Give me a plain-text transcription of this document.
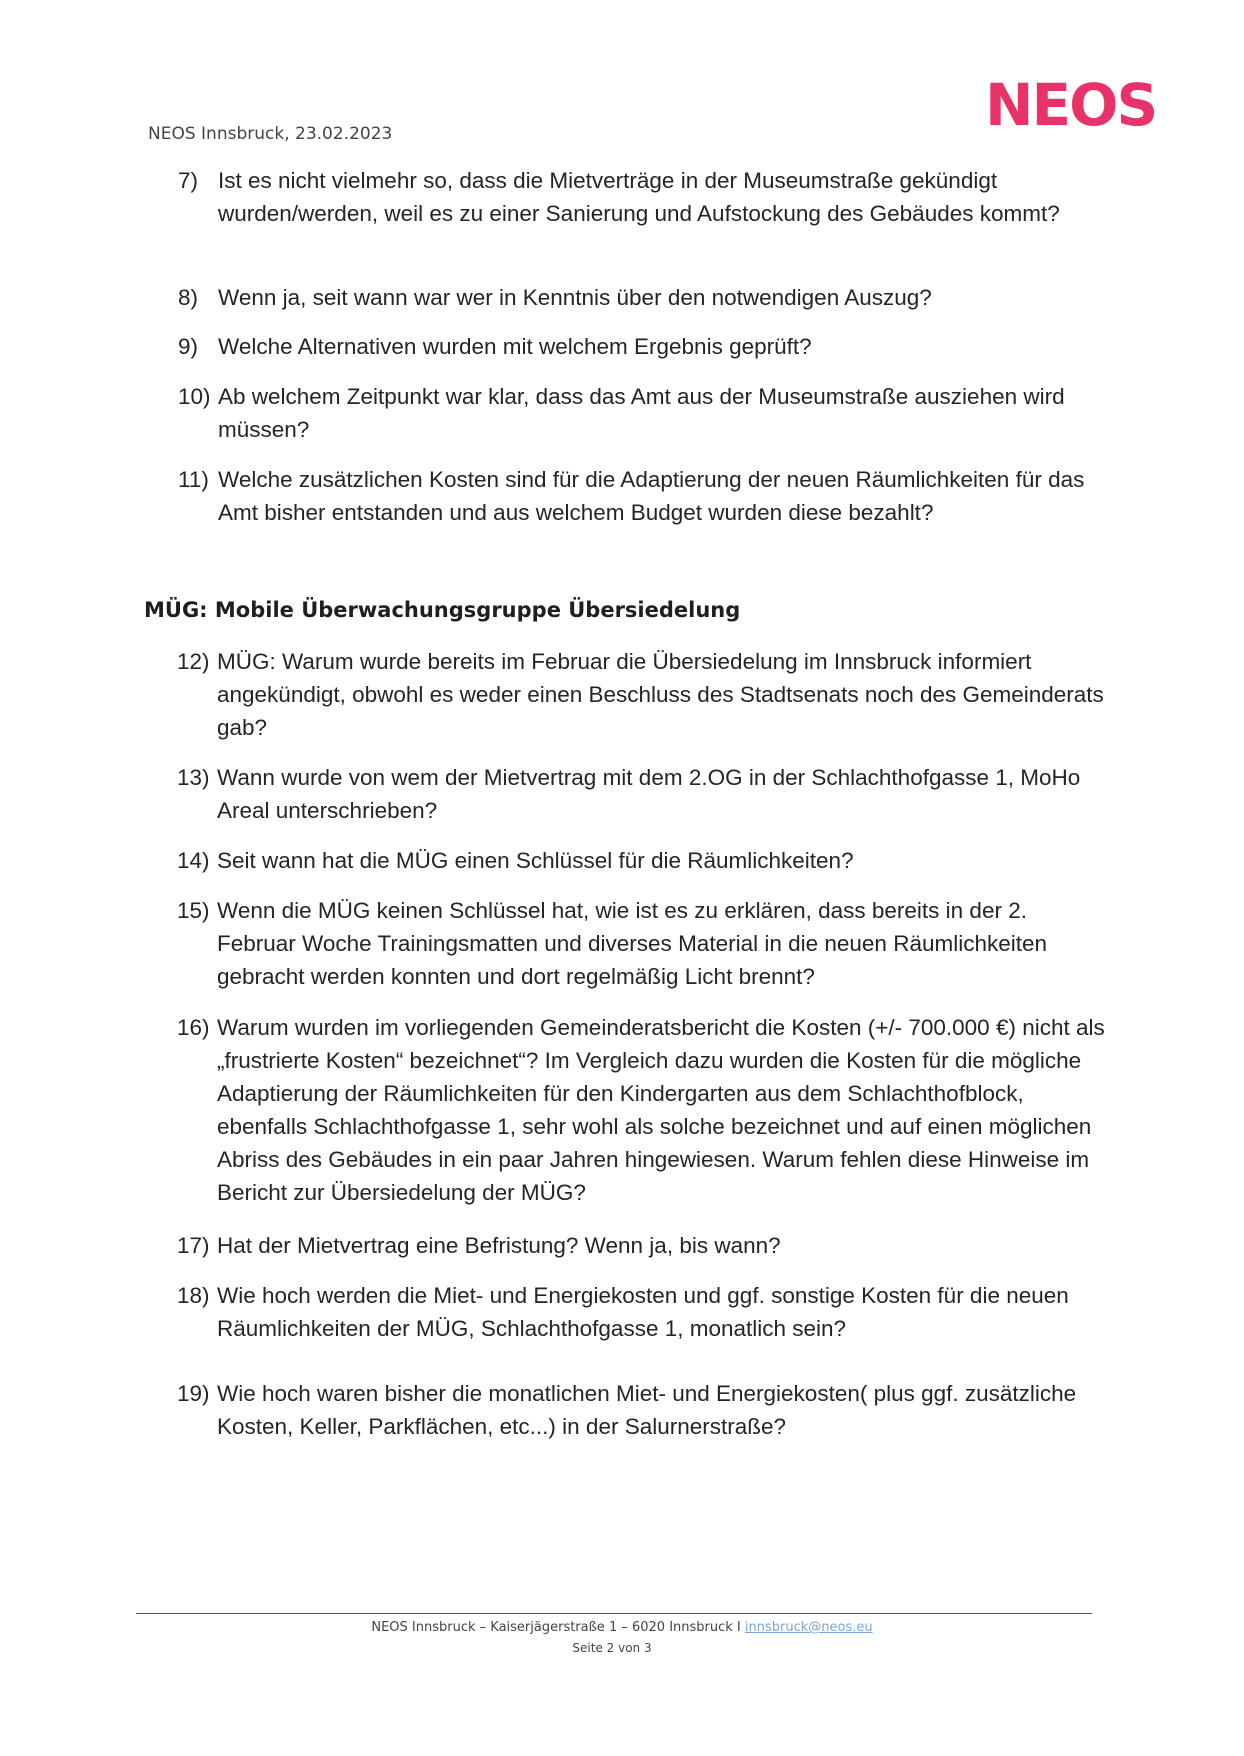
NEOS
NEOS Innsbruck, 23.02.2023
7) Ist es nicht vielmehr so, dass die Mietverträge in der Museumstraße gekündigt wurden/werden, weil es zu einer Sanierung und Aufstockung des Gebäudes kommt?
8) Wenn ja, seit wann war wer in Kenntnis über den notwendigen Auszug?
9) Welche Alternativen wurden mit welchem Ergebnis geprüft?
10) Ab welchem Zeitpunkt war klar, dass das Amt aus der Museumstraße ausziehen wird müssen?
11) Welche zusätzlichen Kosten sind für die Adaptierung der neuen Räumlichkeiten für das Amt bisher entstanden und aus welchem Budget wurden diese bezahlt?
MÜG: Mobile Überwachungsgruppe Übersiedelung
12) MÜG: Warum wurde bereits im Februar die Übersiedelung im Innsbruck informiert angekündigt, obwohl es weder einen Beschluss des Stadtsenats noch des Gemeinderats gab?
13) Wann wurde von wem der Mietvertrag mit dem 2.OG in der Schlachthofgasse 1, MoHo Areal unterschrieben?
14) Seit wann hat die MÜG einen Schlüssel für die Räumlichkeiten?
15) Wenn die MÜG keinen Schlüssel hat, wie ist es zu erklären, dass bereits in der 2. Februar Woche Trainingsmatten und diverses Material in die neuen Räumlichkeiten gebracht werden konnten und dort regelmäßig Licht brennt?
16) Warum wurden im vorliegenden Gemeinderatsbericht die Kosten (+/- 700.000 €) nicht als „frustrierte Kosten“ bezeichnet“? Im Vergleich dazu wurden die Kosten für die mögliche Adaptierung der Räumlichkeiten für den Kindergarten aus dem Schlachthofblock, ebenfalls Schlachthofgasse 1, sehr wohl als solche bezeichnet und auf einen möglichen Abriss des Gebäudes in ein paar Jahren hingewiesen. Warum fehlen diese Hinweise im Bericht zur Übersiedelung der MÜG?
17) Hat der Mietvertrag eine Befristung? Wenn ja, bis wann?
18) Wie hoch werden die Miet- und Energiekosten und ggf. sonstige Kosten für die neuen Räumlichkeiten der MÜG, Schlachthofgasse 1, monatlich sein?
19) Wie hoch waren bisher die monatlichen Miet- und Energiekosten( plus ggf. zusätzliche Kosten, Keller, Parkflächen, etc...) in der Salurnerstraße?
NEOS Innsbruck – Kaiserjägerstraße 1 – 6020 Innsbruck I innsbruck@neos.eu
Seite 2 von 3
